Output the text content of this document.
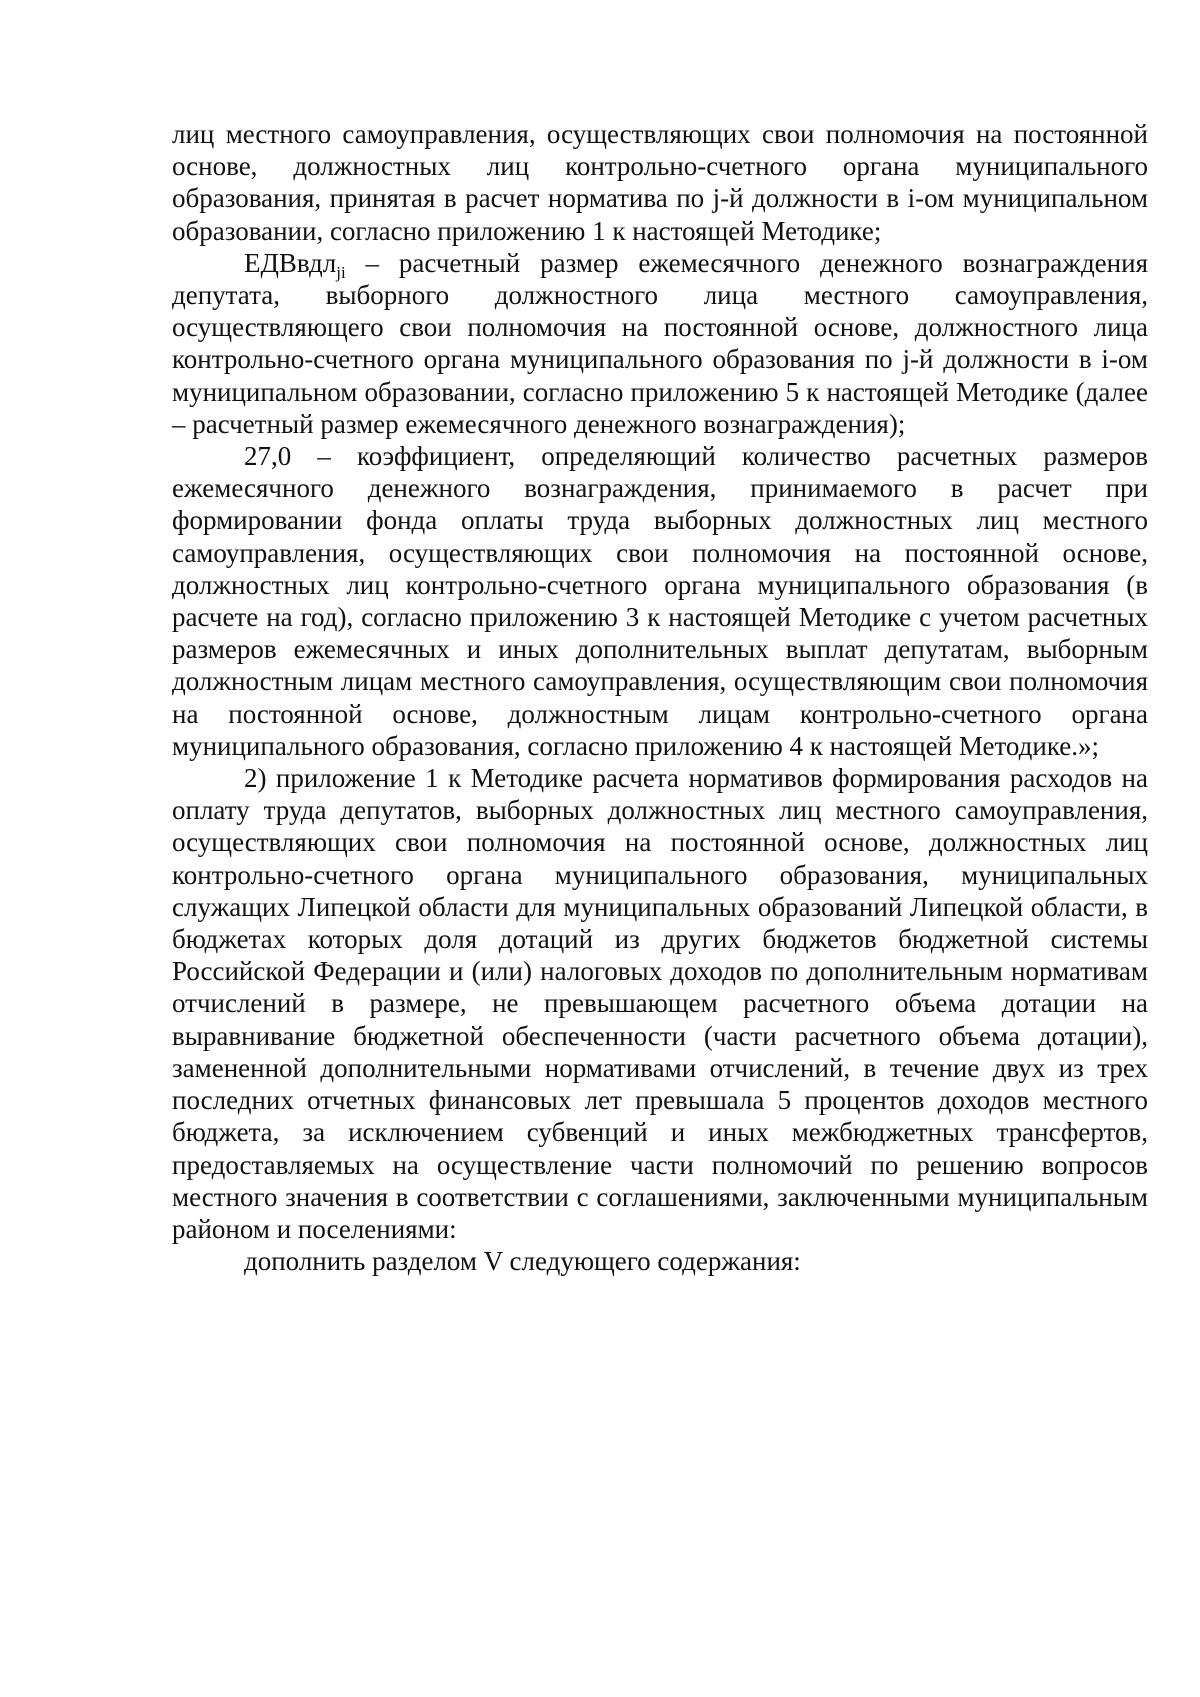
лиц местного самоуправления, осуществляющих свои полномочия на постоянной основе, должностных лиц контрольно-счетного органа муниципального образования, принятая в расчет норматива по j-й должности в i-ом муниципальном образовании, согласно приложению 1 к настоящей Методике;

ЕДВвдл$_{ji}$ – расчетный размер ежемесячного денежного вознаграждения депутата, выборного должностного лица местного самоуправления, осуществляющего свои полномочия на постоянной основе, должностного лица контрольно-счетного органа муниципального образования по j-й должности в i-ом муниципальном образовании, согласно приложению 5 к настоящей Методике (далее – расчетный размер ежемесячного денежного вознаграждения);

27,0 – коэффициент, определяющий количество расчетных размеров ежемесячного денежного вознаграждения, принимаемого в расчет при формировании фонда оплаты труда выборных должностных лиц местного самоуправления, осуществляющих свои полномочия на постоянной основе, должностных лиц контрольно-счетного органа муниципального образования (в расчете на год), согласно приложению 3 к настоящей Методике с учетом расчетных размеров ежемесячных и иных дополнительных выплат депутатам, выборным должностным лицам местного самоуправления, осуществляющим свои полномочия на постоянной основе, должностным лицам контрольно-счетного органа муниципального образования, согласно приложению 4 к настоящей Методике.»;

2) приложение 1 к Методике расчета нормативов формирования расходов на оплату труда депутатов, выборных должностных лиц местного самоуправления, осуществляющих свои полномочия на постоянной основе, должностных лиц контрольно-счетного органа муниципального образования, муниципальных служащих Липецкой области для муниципальных образований Липецкой области, в бюджетах которых доля дотаций из других бюджетов бюджетной системы Российской Федерации и (или) налоговых доходов по дополнительным нормативам отчислений в размере, не превышающем расчетного объема дотации на выравнивание бюджетной обеспеченности (части расчетного объема дотации), замененной дополнительными нормативами отчислений, в течение двух из трех последних отчетных финансовых лет превышала 5 процентов доходов местного бюджета, за исключением субвенций и иных межбюджетных трансфертов, предоставляемых на осуществление части полномочий по решению вопросов местного значения в соответствии с соглашениями, заключенными муниципальным районом и поселениями:

дополнить разделом V следующего содержания:
